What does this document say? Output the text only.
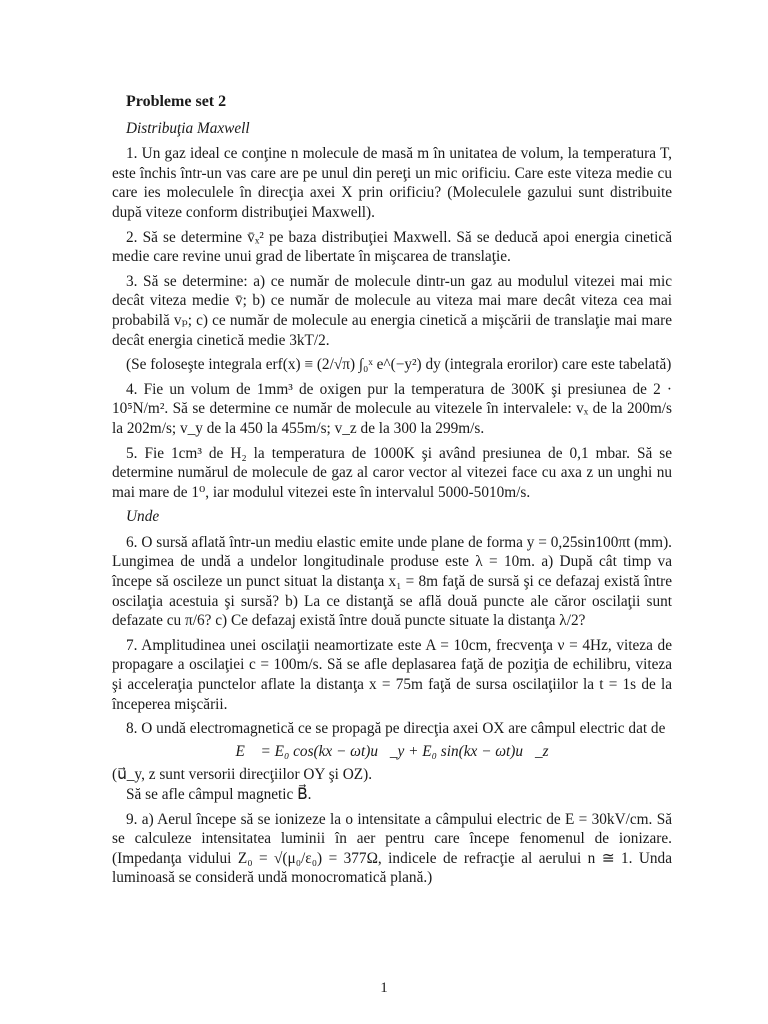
Probleme set 2
Distribuţia Maxwell

1. Un gaz ideal ce conţine n molecule de masă m în unitatea de volum, la temperatura T, este închis într-un vas care are pe unul din pereţi un mic orificiu. Care este viteza medie cu care ies moleculele în direcţia axei X prin orificiu? (Moleculele gazului sunt distribuite după viteze conform distribuţiei Maxwell).

2. Să se determine v̄ₓ² pe baza distribuţiei Maxwell. Să se deducă apoi energia cinetică medie care revine unui grad de libertate în mişcarea de translaţie.

3. Să se determine: a) ce număr de molecule dintr-un gaz au modulul vitezei mai mic decât viteza medie v̄; b) ce număr de molecule au viteza mai mare decât viteza cea mai probabilă vₚ; c) ce număr de molecule au energia cinetică a mişcării de translaţie mai mare decât energia cinetică medie 3kT/2.

(Se foloseşte integrala erf(x) ≡ (2/√π) ∫₀ˣ e^(−y²) dy (integrala erorilor) care este tabelată)

4. Fie un volum de 1mm³ de oxigen pur la temperatura de 300K şi presiunea de 2 · 10⁵N/m². Să se determine ce număr de molecule au vitezele în intervalele: vₓ de la 200m/s la 202m/s; v_y de la 450 la 455m/s; v_z de la 300 la 299m/s.

5. Fie 1cm³ de H₂ la temperatura de 1000K şi având presiunea de 0,1 mbar. Să se determine numărul de molecule de gaz al caror vector al vitezei face cu axa z un unghi nu mai mare de 1⁰, iar modulul vitezei este în intervalul 5000-5010m/s.

Unde

6. O sursă aflată într-un mediu elastic emite unde plane de forma y = 0,25sin100πt (mm). Lungimea de undă a undelor longitudinale produse este λ = 10m. a) După cât timp va începe să oscileze un punct situat la distanţa x₁ = 8m faţă de sursă şi ce defazaj există între oscilaţia acestuia şi sursă? b) La ce distanţă se află două puncte ale căror oscilaţii sunt defazate cu π/6? c) Ce defazaj există între două puncte situate la distanţa λ/2?

7. Amplitudinea unei oscilaţii neamortizate este A = 10cm, frecvenţa ν = 4Hz, viteza de propagare a oscilaţiei c = 100m/s. Să se afle deplasarea faţă de poziţia de echilibru, viteza şi acceleraţia punctelor aflate la distanţa x = 75m faţă de sursa oscilaţiilor la t = 1s de la începerea mişcării.

8. O undă electromagnetică ce se propagă pe direcţia axei OX are câmpul electric dat de

E⃗ = E₀ cos(kx − ωt)u⃗_y + E₀ sin(kx − ωt)u⃗_z

(u⃗_y, z sunt versorii direcţiilor OY şi OZ).

Să se afle câmpul magnetic B⃗.

9. a) Aerul începe să se ionizeze la o intensitate a câmpului electric de E = 30kV/cm. Să se calculeze intensitatea luminii în aer pentru care începe fenomenul de ionizare. (Impedanţa vidului Z₀ = √(μ₀/ε₀) = 377Ω, indicele de refracţie al aerului n ≅ 1. Unda luminoasă se consideră undă monocromatică plană.)

1
